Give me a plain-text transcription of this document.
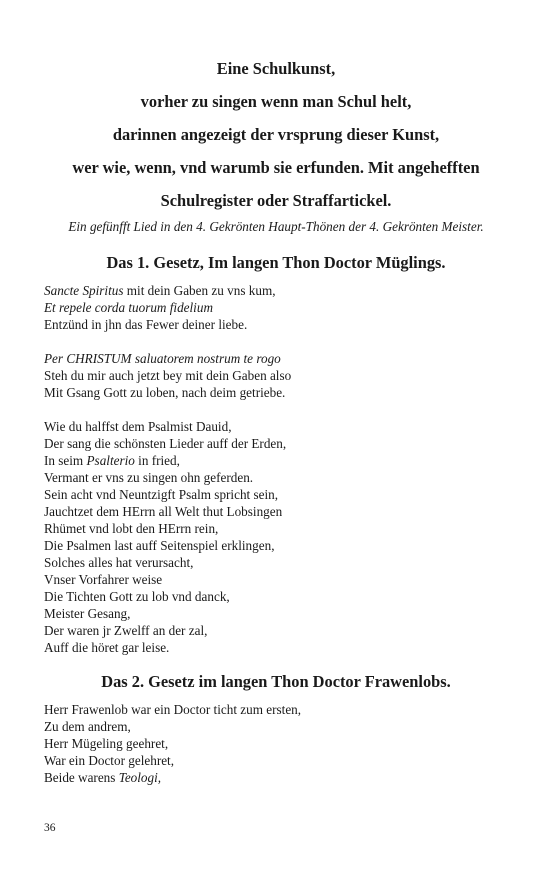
Eine Schulkunst,
vorher zu singen wenn man Schul helt,
darinnen angezeigt der vrsprung dieser Kunst,
wer wie, wenn, vnd warumb sie erfunden. Mit angehefften
Schulregister oder Straffartickel.
Ein gefünfft Lied in den 4. Gekrönten Haupt-Thönen der 4. Gekrönten Meister.
Das 1. Gesetz, Im langen Thon Doctor Müglings.
Sancte Spiritus mit dein Gaben zu vns kum,
Et repele corda tuorum fidelium
Entzünd in jhn das Fewer deiner liebe.
Per CHRISTUM saluatorem nostrum te rogo
Steh du mir auch jetzt bey mit dein Gaben also
Mit Gsang Gott zu loben, nach deim getriebe.
Wie du halffst dem Psalmist Dauid,
Der sang die schönsten Lieder auff der Erden,
In seim Psalterio in fried,
Vermant er vns zu singen ohn geferden.
Sein acht vnd Neuntzigft Psalm spricht sein,
Jauchtzet dem HErrn all Welt thut Lobsingen
Rhümet vnd lobt den HErrn rein,
Die Psalmen last auff Seitenspiel erklingen,
Solches alles hat verursacht,
Vnser Vorfahrer weise
Die Tichten Gott zu lob vnd danck,
Meister Gesang,
Der waren jr Zwelff an der zal,
Auff die höret gar leise.
Das 2. Gesetz im langen Thon Doctor Frawenlobs.
Herr Frawenlob war ein Doctor ticht zum ersten,
Zu dem andrem,
Herr Mügeling geehret,
War ein Doctor gelehret,
Beide warens Teologi,
36
